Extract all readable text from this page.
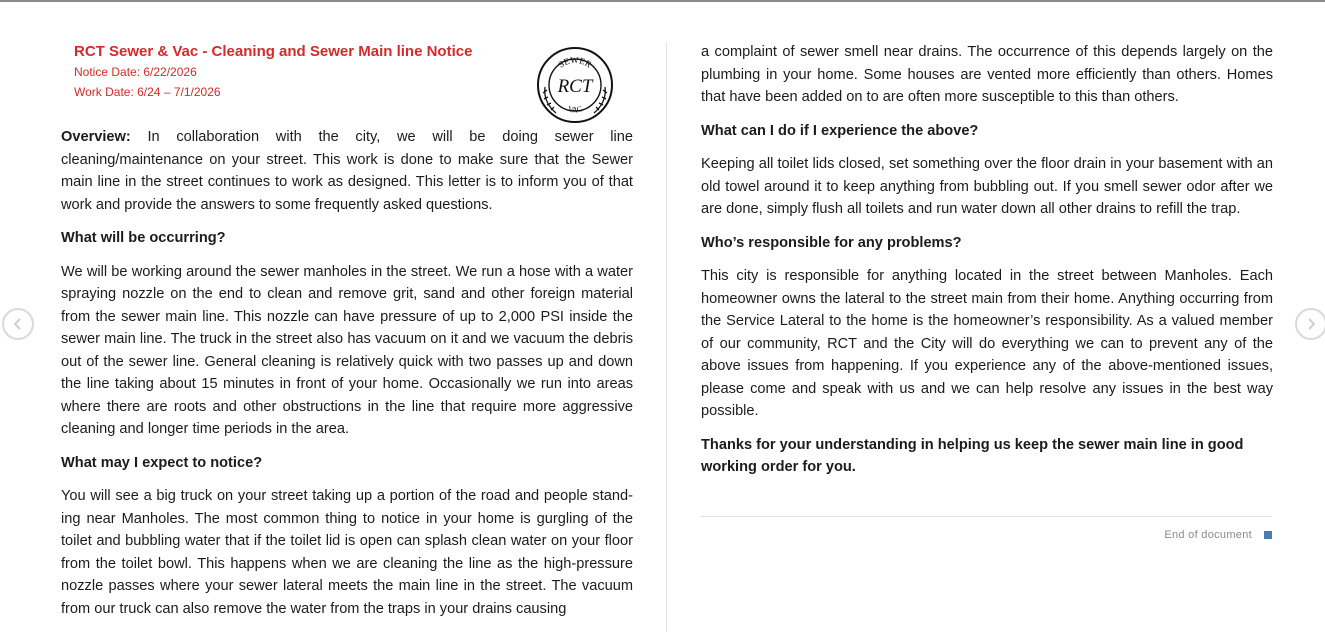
RCT Sewer & Vac - Cleaning and Sewer Main line Notice
Notice Date: 6/22/2026
Work Date: 6/24 – 7/1/2026
SEWER
VAC
RCT

Overview: In collaboration with the city, we will be doing sewer line cleaning/maintenance on your street. This work is done to make sure that the Sewer main line in the street continues to work as designed. This letter is to inform you of that work and provide the answers to some frequently asked questions.

What will be occurring?

We will be working around the sewer manholes in the street. We run a hose with a water spraying nozzle on the end to clean and remove grit, sand and other foreign material from the sewer main line. This nozzle can have pressure of up to 2,000 PSI inside the sewer main line. The truck in the street also has vacuum on it and we vacuum the debris out of the sewer line. General cleaning is relatively quick with two passes up and down the line taking about 15 minutes in front of your home. Occasionally we run into areas where there are roots and other obstructions in the line that require more aggressive cleaning and longer time periods in the area.

What may I expect to notice?

You will see a big truck on your street taking up a portion of the road and people stand-ing near Manholes. The most common thing to notice in your home is gurgling of the toilet and bubbling water that if the toilet lid is open can splash clean water on your floor from the toilet bowl. This happens when we are cleaning the line as the high-pressure nozzle passes where your sewer lateral meets the main line in the street. The vacuum from our truck can also remove the water from the traps in your drains causing

a complaint of sewer smell near drains. The occurrence of this depends largely on the plumbing in your home. Some houses are vented more efficiently than others. Homes that have been added on to are often more susceptible to this than others.

What can I do if I experience the above?

Keeping all toilet lids closed, set something over the floor drain in your basement with an old towel around it to keep anything from bubbling out. If you smell sewer odor after we are done, simply flush all toilets and run water down all other drains to refill the trap.

Who’s responsible for any problems?

This city is responsible for anything located in the street between Manholes. Each homeowner owns the lateral to the street main from their home. Anything occurring from the Service Lateral to the home is the homeowner’s responsibility. As a valued member of our community, RCT and the City will do everything we can to prevent any of the above issues from happening. If you experience any of the above-mentioned issues, please come and speak with us and we can help resolve any issues in the best way possible.

Thanks for your understanding in helping us keep the sewer main line in good working order for you.

End of document
